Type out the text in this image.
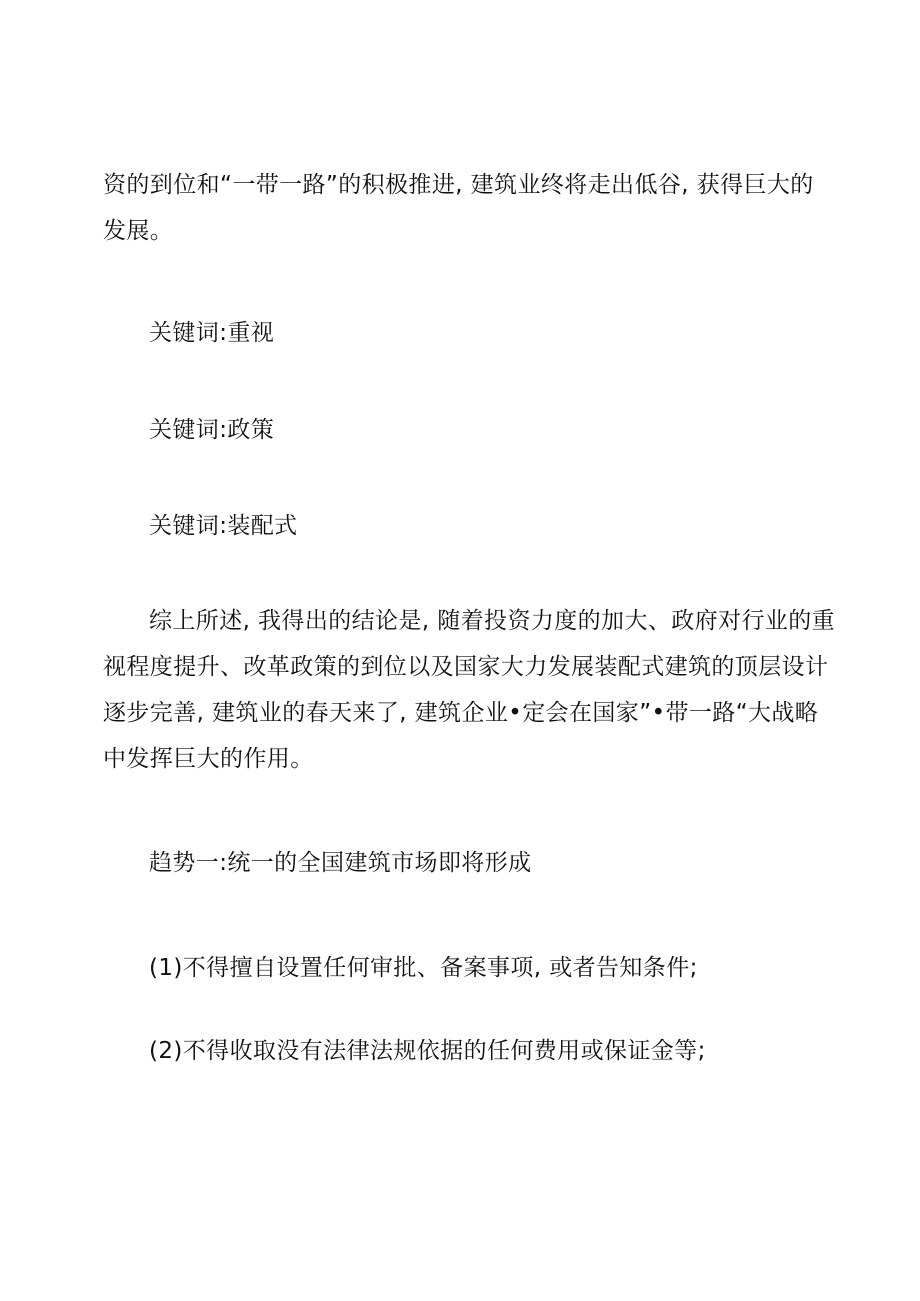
资的到位和“一带一路”的积极推进, 建筑业终将走出低谷, 获得巨大的
发展。

关键词:重视

关键词:政策

关键词:装配式

综上所述, 我得出的结论是, 随着投资力度的加大、政府对行业的重
视程度提升、改革政策的到位以及国家大力发展装配式建筑的顶层设计
逐步完善, 建筑业的春天来了, 建筑企业•定会在国家”•带一路“大战略
中发挥巨大的作用。

趋势一:统一的全国建筑市场即将形成

(1)不得擅自设置任何审批、备案事项, 或者告知条件;

(2)不得收取没有法律法规依据的任何费用或保证金等;
